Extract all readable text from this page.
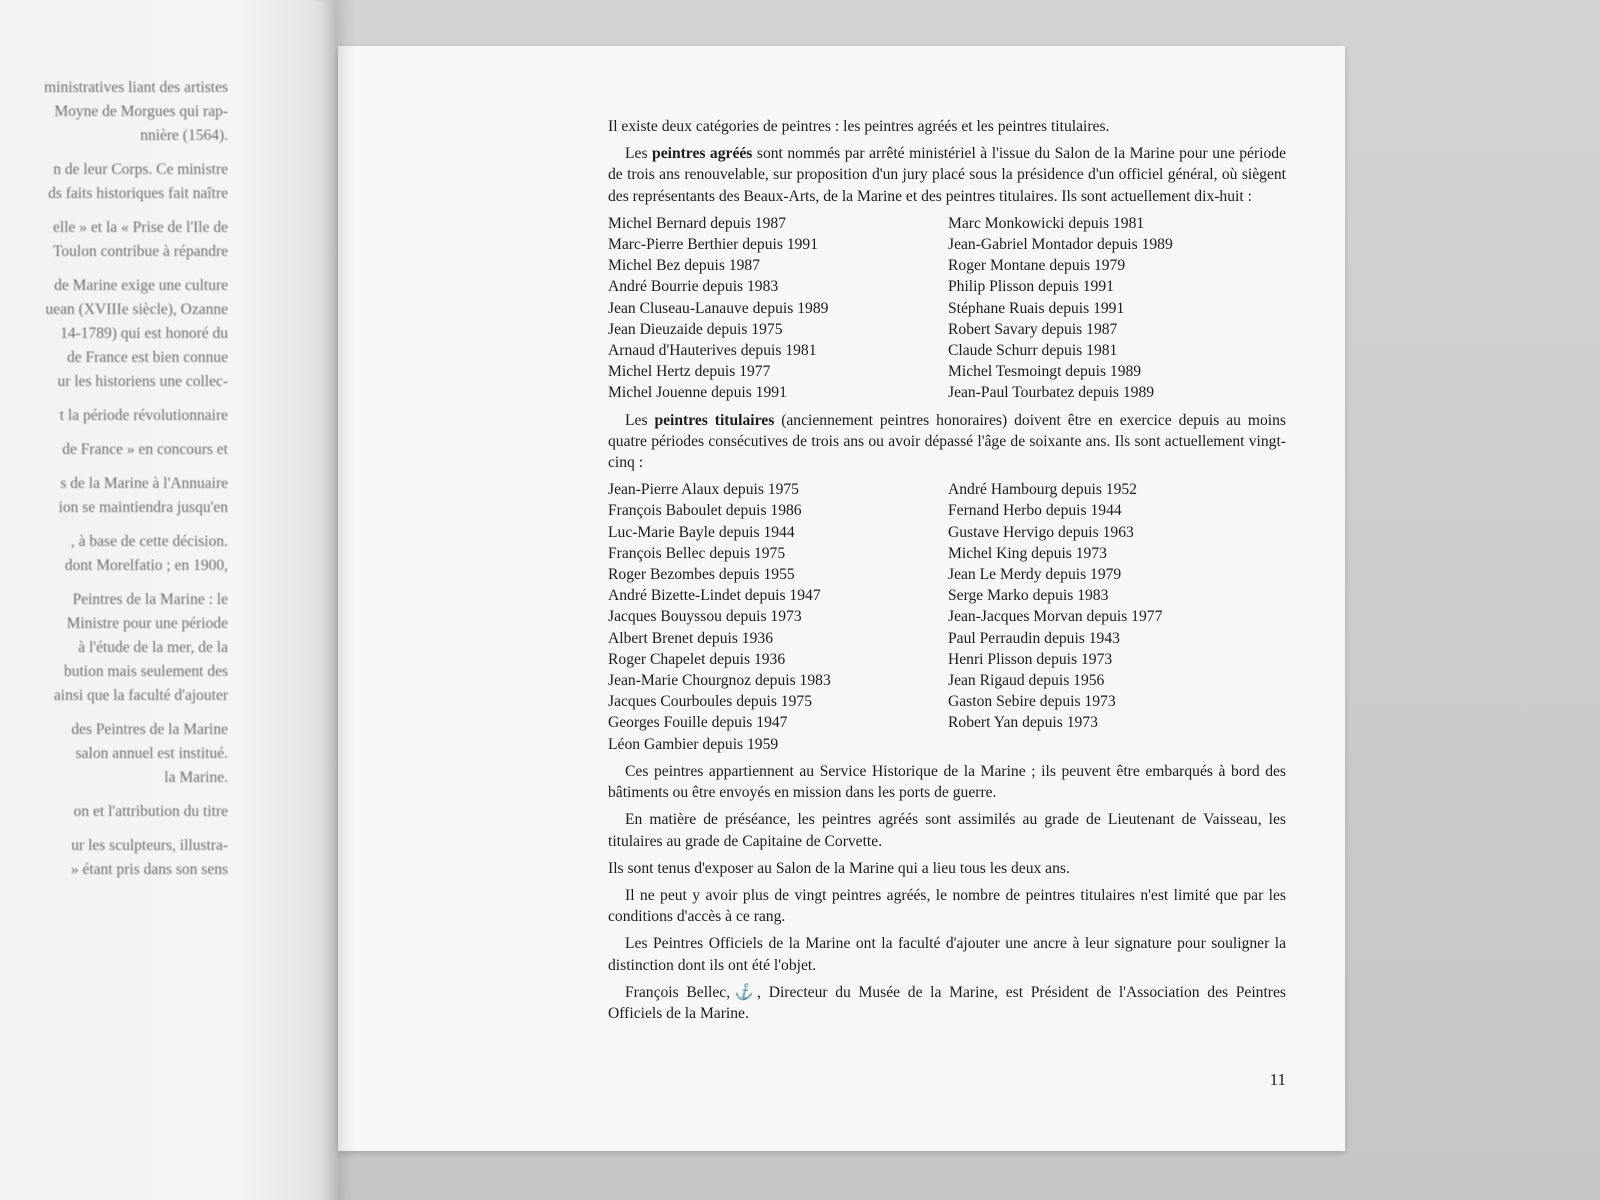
ministratives liant des artistes
Moyne de Morgues qui rap-
nnière (1564).
n de leur Corps. Ce ministre
ds faits historiques fait naître
elle » et la « Prise de l'Ile de
Toulon contribue à répandre
de Marine exige une culture
uean (XVIIIe siècle), Ozanne
14-1789) qui est honoré du
de France est bien connue
ur les historiens une collec-
t la période révolutionnaire
de France » en concours et
s de la Marine à l'Annuaire
ion se maintiendra jusqu'en
, à base de cette décision.
dont Morelfatio ; en 1900,
Peintres de la Marine : le
Ministre pour une période
à l'étude de la mer, de la
bution mais seulement des
ainsi que la faculté d'ajouter
des Peintres de la Marine
salon annuel est institué.
la Marine.
on et l'attribution du titre
ur les sculpteurs, illustra-
» étant pris dans son sens

Il existe deux catégories de peintres : les peintres agréés et les peintres titulaires.

Les peintres agréés sont nommés par arrêté ministériel à l'issue du Salon de la Marine pour une période de trois ans renouvelable, sur proposition d'un jury placé sous la présidence d'un officiel général, où siègent des représentants des Beaux-Arts, de la Marine et des peintres titulaires. Ils sont actuellement dix-huit :

Michel Bernard depuis 1987
Marc-Pierre Berthier depuis 1991
Michel Bez depuis 1987
André Bourrie depuis 1983
Jean Cluseau-Lanauve depuis 1989
Jean Dieuzaide depuis 1975
Arnaud d'Hauterives depuis 1981
Michel Hertz depuis 1977
Michel Jouenne depuis 1991
Marc Monkowicki depuis 1981
Jean-Gabriel Montador depuis 1989
Roger Montane depuis 1979
Philip Plisson depuis 1991
Stéphane Ruais depuis 1991
Robert Savary depuis 1987
Claude Schurr depuis 1981
Michel Tesmoingt depuis 1989
Jean-Paul Tourbatez depuis 1989

Les peintres titulaires (anciennement peintres honoraires) doivent être en exercice depuis au moins quatre périodes consécutives de trois ans ou avoir dépassé l'âge de soixante ans. Ils sont actuellement vingt-cinq :

Jean-Pierre Alaux depuis 1975
François Baboulet depuis 1986
Luc-Marie Bayle depuis 1944
François Bellec depuis 1975
Roger Bezombes depuis 1955
André Bizette-Lindet depuis 1947
Jacques Bouyssou depuis 1973
Albert Brenet depuis 1936
Roger Chapelet depuis 1936
Jean-Marie Chourgnoz depuis 1983
Jacques Courboules depuis 1975
Georges Fouille depuis 1947
Léon Gambier depuis 1959
André Hambourg depuis 1952
Fernand Herbo depuis 1944
Gustave Hervigo depuis 1963
Michel King depuis 1973
Jean Le Merdy depuis 1979
Serge Marko depuis 1983
Jean-Jacques Morvan depuis 1977
Paul Perraudin depuis 1943
Henri Plisson depuis 1973
Jean Rigaud depuis 1956
Gaston Sebire depuis 1973
Robert Yan depuis 1973

Ces peintres appartiennent au Service Historique de la Marine ; ils peuvent être embarqués à bord des bâtiments ou être envoyés en mission dans les ports de guerre.

En matière de préséance, les peintres agréés sont assimilés au grade de Lieutenant de Vaisseau, les titulaires au grade de Capitaine de Corvette.

Ils sont tenus d'exposer au Salon de la Marine qui a lieu tous les deux ans.

Il ne peut y avoir plus de vingt peintres agréés, le nombre de peintres titulaires n'est limité que par les conditions d'accès à ce rang.

Les Peintres Officiels de la Marine ont la faculté d'ajouter une ancre à leur signature pour souligner la distinction dont ils ont été l'objet.

François Bellec,⚓, Directeur du Musée de la Marine, est Président de l'Association des Peintres Officiels de la Marine.

11
